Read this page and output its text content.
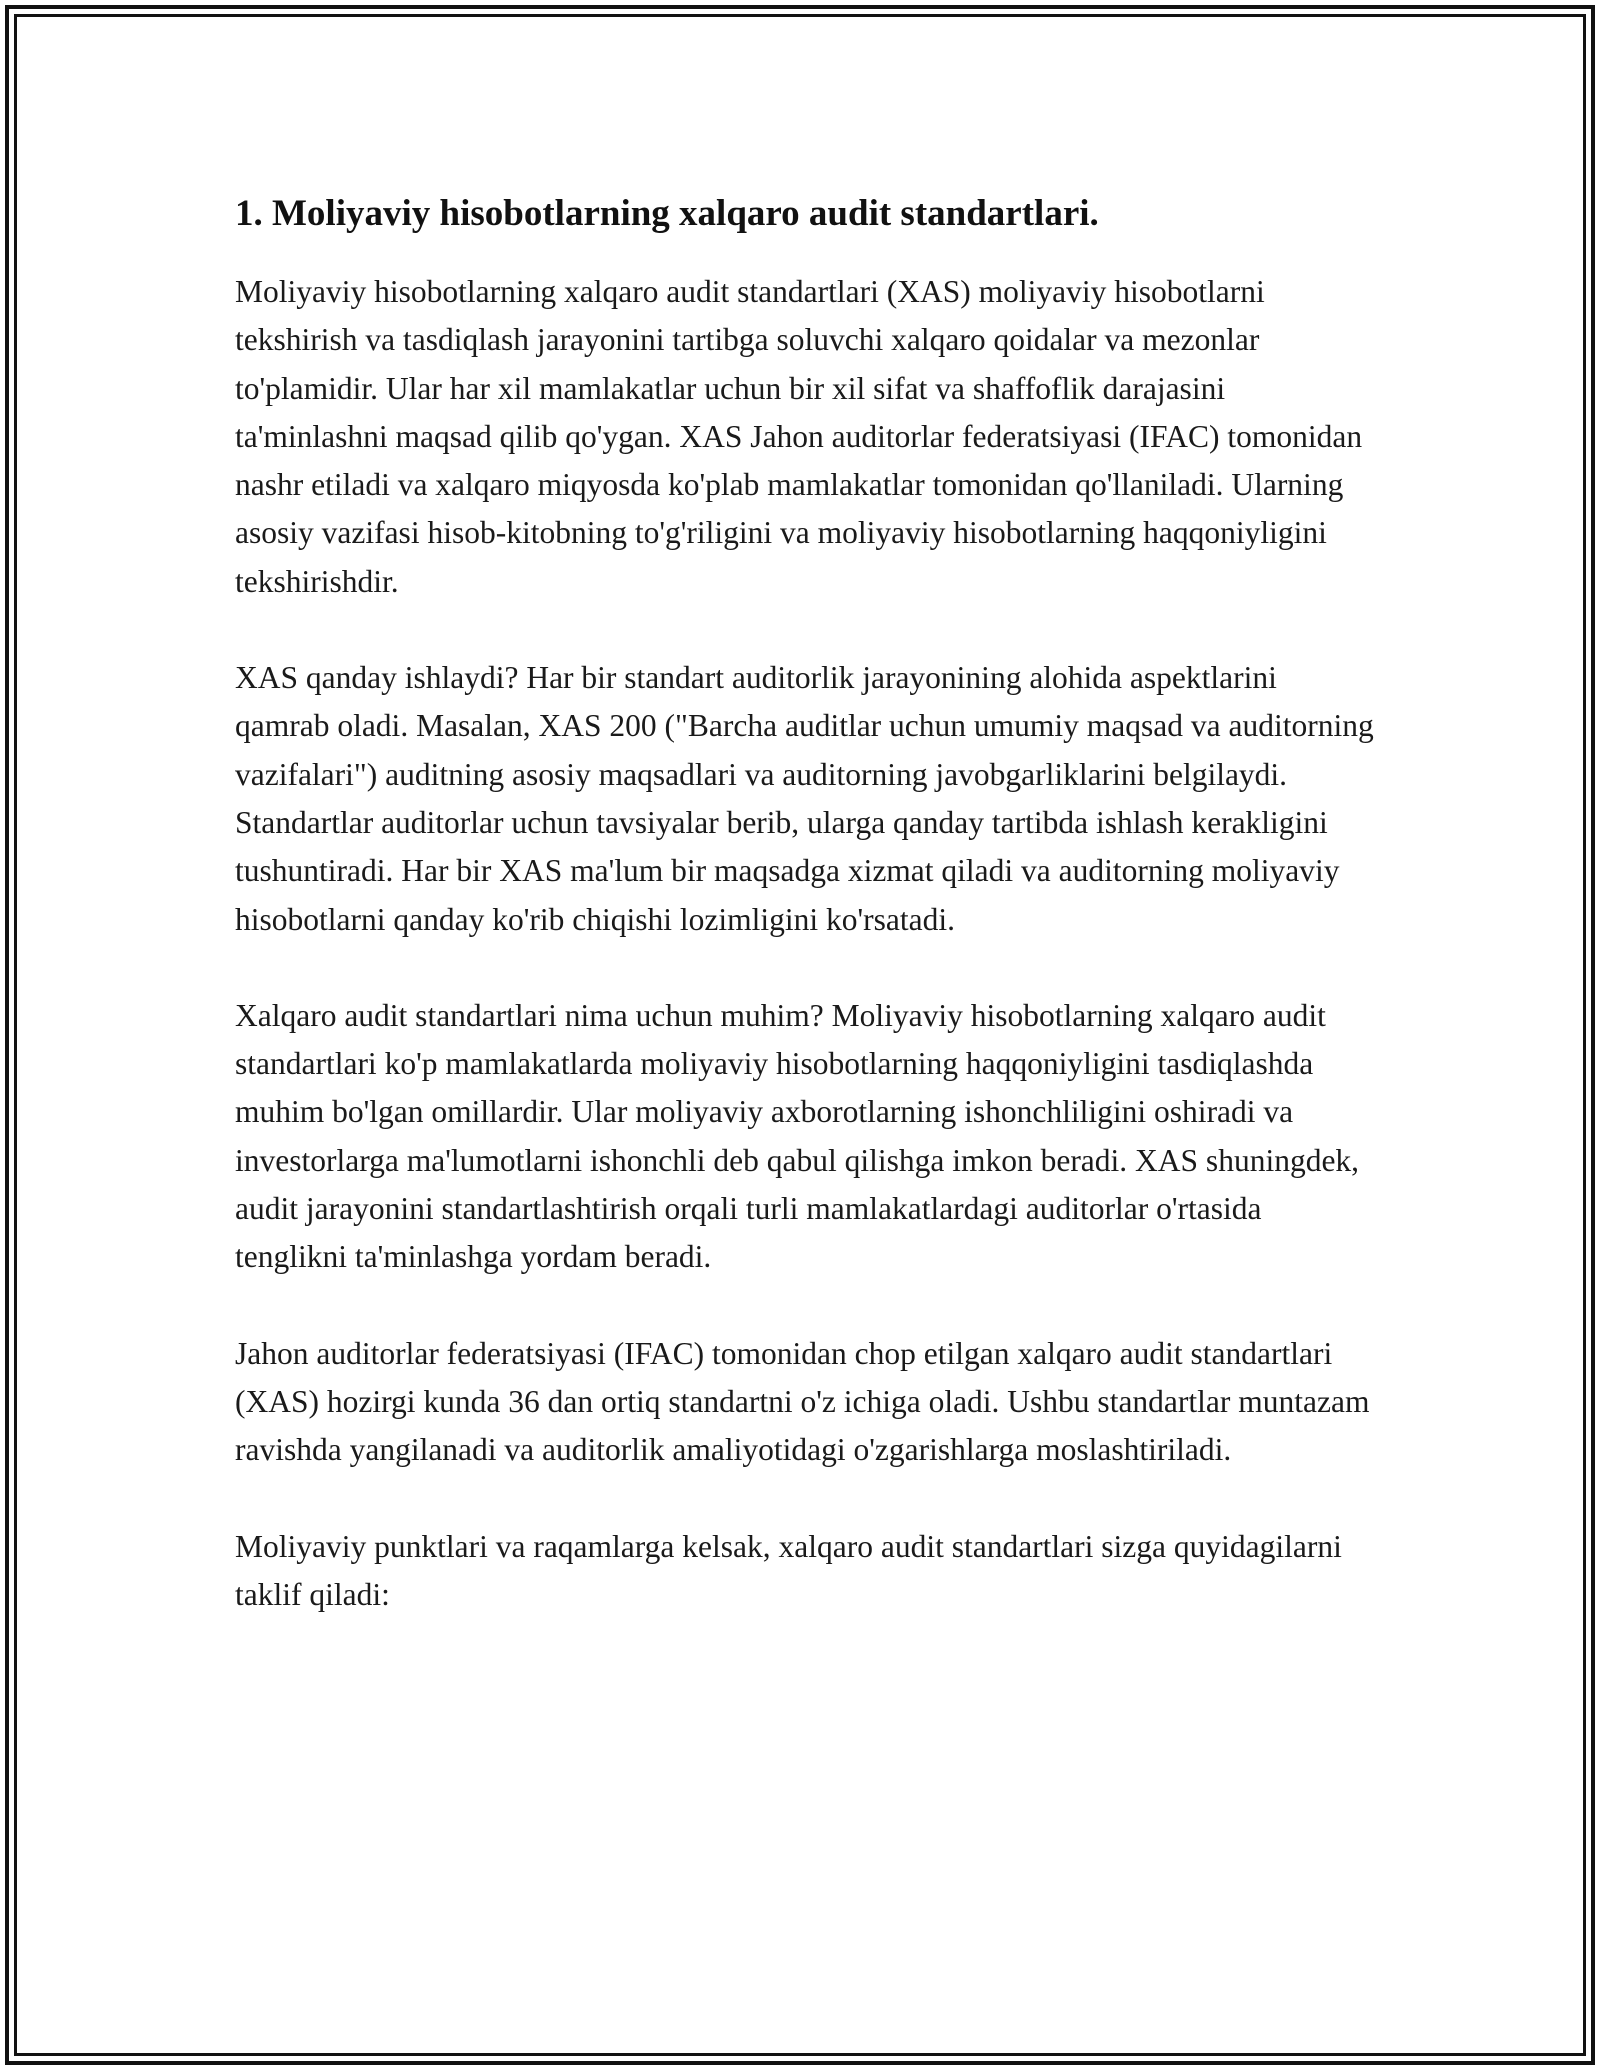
1. Moliyaviy hisobotlarning xalqaro audit standartlari.

Moliyaviy hisobotlarning xalqaro audit standartlari (XAS) moliyaviy hisobotlarni tekshirish va tasdiqlash jarayonini tartibga soluvchi xalqaro qoidalar va mezonlar to'plamidir. Ular har xil mamlakatlar uchun bir xil sifat va shaffoflik darajasini ta'minlashni maqsad qilib qo'ygan. XAS Jahon auditorlar federatsiyasi (IFAC) tomonidan nashr etiladi va xalqaro miqyosda ko'plab mamlakatlar tomonidan qo'llaniladi. Ularning asosiy vazifasi hisob-kitobning to'g'riligini va moliyaviy hisobotlarning haqqoniyligini tekshirishdir.

XAS qanday ishlaydi? Har bir standart auditorlik jarayonining alohida aspektlarini qamrab oladi. Masalan, XAS 200 ("Barcha auditlar uchun umumiy maqsad va auditorning vazifalari") auditning asosiy maqsadlari va auditorning javobgarliklarini belgilaydi. Standartlar auditorlar uchun tavsiyalar berib, ularga qanday tartibda ishlash kerakligini tushuntiradi. Har bir XAS ma'lum bir maqsadga xizmat qiladi va auditorning moliyaviy hisobotlarni qanday ko'rib chiqishi lozimligini ko'rsatadi.

Xalqaro audit standartlari nima uchun muhim? Moliyaviy hisobotlarning xalqaro audit standartlari ko'p mamlakatlarda moliyaviy hisobotlarning haqqoniyligini tasdiqlashda muhim bo'lgan omillardir. Ular moliyaviy axborotlarning ishonchliligini oshiradi va investorlarga ma'lumotlarni ishonchli deb qabul qilishga imkon beradi. XAS shuningdek, audit jarayonini standartlashtirish orqali turli mamlakatlardagi auditorlar o'rtasida tenglikni ta'minlashga yordam beradi.

Jahon auditorlar federatsiyasi (IFAC) tomonidan chop etilgan xalqaro audit standartlari (XAS) hozirgi kunda 36 dan ortiq standartni o'z ichiga oladi. Ushbu standartlar muntazam ravishda yangilanadi va auditorlik amaliyotidagi o'zgarishlarga moslashtiriladi.

Moliyaviy punktlari va raqamlarga kelsak, xalqaro audit standartlari sizga quyidagilarni taklif qiladi:
